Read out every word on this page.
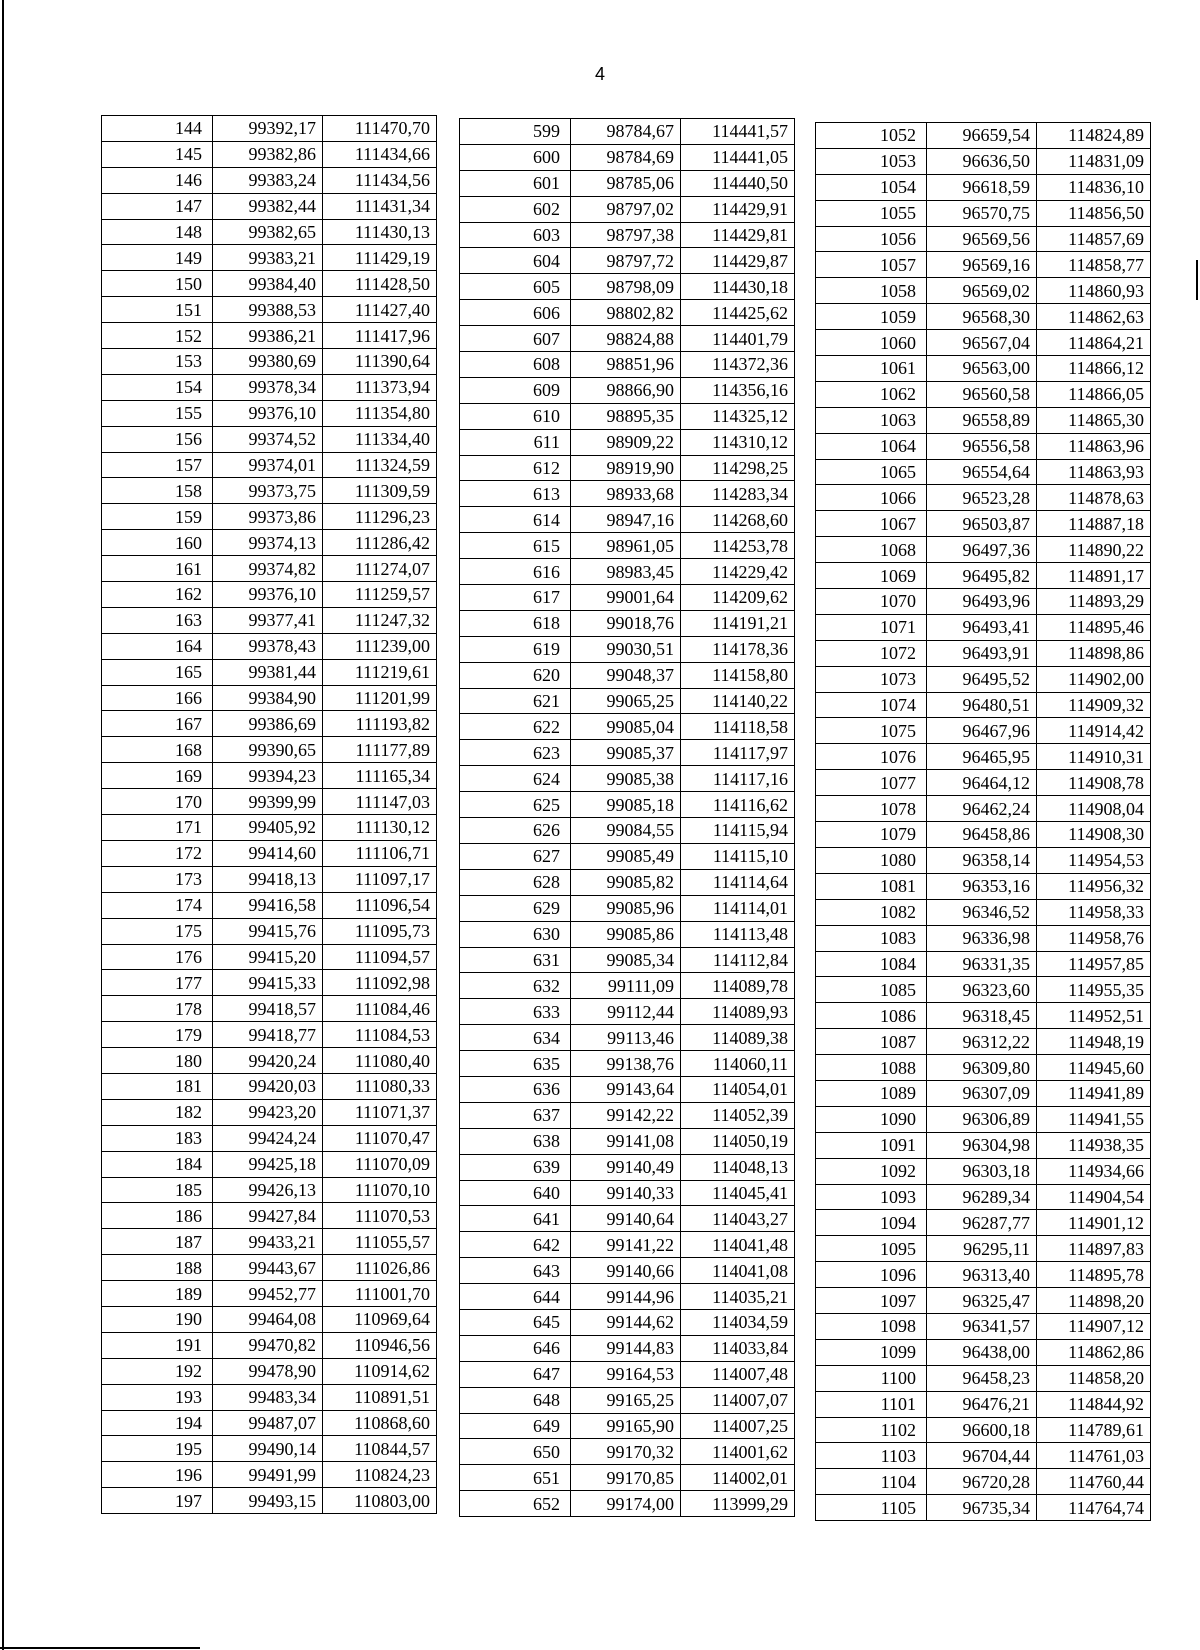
4
144	99392,17	111470,70
145	99382,86	111434,66
146	99383,24	111434,56
147	99382,44	111431,34
148	99382,65	111430,13
149	99383,21	111429,19
150	99384,40	111428,50
151	99388,53	111427,40
152	99386,21	111417,96
153	99380,69	111390,64
154	99378,34	111373,94
155	99376,10	111354,80
156	99374,52	111334,40
157	99374,01	111324,59
158	99373,75	111309,59
159	99373,86	111296,23
160	99374,13	111286,42
161	99374,82	111274,07
162	99376,10	111259,57
163	99377,41	111247,32
164	99378,43	111239,00
165	99381,44	111219,61
166	99384,90	111201,99
167	99386,69	111193,82
168	99390,65	111177,89
169	99394,23	111165,34
170	99399,99	111147,03
171	99405,92	111130,12
172	99414,60	111106,71
173	99418,13	111097,17
174	99416,58	111096,54
175	99415,76	111095,73
176	99415,20	111094,57
177	99415,33	111092,98
178	99418,57	111084,46
179	99418,77	111084,53
180	99420,24	111080,40
181	99420,03	111080,33
182	99423,20	111071,37
183	99424,24	111070,47
184	99425,18	111070,09
185	99426,13	111070,10
186	99427,84	111070,53
187	99433,21	111055,57
188	99443,67	111026,86
189	99452,77	111001,70
190	99464,08	110969,64
191	99470,82	110946,56
192	99478,90	110914,62
193	99483,34	110891,51
194	99487,07	110868,60
195	99490,14	110844,57
196	99491,99	110824,23
197	99493,15	110803,00
599	98784,67	114441,57
600	98784,69	114441,05
601	98785,06	114440,50
602	98797,02	114429,91
603	98797,38	114429,81
604	98797,72	114429,87
605	98798,09	114430,18
606	98802,82	114425,62
607	98824,88	114401,79
608	98851,96	114372,36
609	98866,90	114356,16
610	98895,35	114325,12
611	98909,22	114310,12
612	98919,90	114298,25
613	98933,68	114283,34
614	98947,16	114268,60
615	98961,05	114253,78
616	98983,45	114229,42
617	99001,64	114209,62
618	99018,76	114191,21
619	99030,51	114178,36
620	99048,37	114158,80
621	99065,25	114140,22
622	99085,04	114118,58
623	99085,37	114117,97
624	99085,38	114117,16
625	99085,18	114116,62
626	99084,55	114115,94
627	99085,49	114115,10
628	99085,82	114114,64
629	99085,96	114114,01
630	99085,86	114113,48
631	99085,34	114112,84
632	99111,09	114089,78
633	99112,44	114089,93
634	99113,46	114089,38
635	99138,76	114060,11
636	99143,64	114054,01
637	99142,22	114052,39
638	99141,08	114050,19
639	99140,49	114048,13
640	99140,33	114045,41
641	99140,64	114043,27
642	99141,22	114041,48
643	99140,66	114041,08
644	99144,96	114035,21
645	99144,62	114034,59
646	99144,83	114033,84
647	99164,53	114007,48
648	99165,25	114007,07
649	99165,90	114007,25
650	99170,32	114001,62
651	99170,85	114002,01
652	99174,00	113999,29
1052	96659,54	114824,89
1053	96636,50	114831,09
1054	96618,59	114836,10
1055	96570,75	114856,50
1056	96569,56	114857,69
1057	96569,16	114858,77
1058	96569,02	114860,93
1059	96568,30	114862,63
1060	96567,04	114864,21
1061	96563,00	114866,12
1062	96560,58	114866,05
1063	96558,89	114865,30
1064	96556,58	114863,96
1065	96554,64	114863,93
1066	96523,28	114878,63
1067	96503,87	114887,18
1068	96497,36	114890,22
1069	96495,82	114891,17
1070	96493,96	114893,29
1071	96493,41	114895,46
1072	96493,91	114898,86
1073	96495,52	114902,00
1074	96480,51	114909,32
1075	96467,96	114914,42
1076	96465,95	114910,31
1077	96464,12	114908,78
1078	96462,24	114908,04
1079	96458,86	114908,30
1080	96358,14	114954,53
1081	96353,16	114956,32
1082	96346,52	114958,33
1083	96336,98	114958,76
1084	96331,35	114957,85
1085	96323,60	114955,35
1086	96318,45	114952,51
1087	96312,22	114948,19
1088	96309,80	114945,60
1089	96307,09	114941,89
1090	96306,89	114941,55
1091	96304,98	114938,35
1092	96303,18	114934,66
1093	96289,34	114904,54
1094	96287,77	114901,12
1095	96295,11	114897,83
1096	96313,40	114895,78
1097	96325,47	114898,20
1098	96341,57	114907,12
1099	96438,00	114862,86
1100	96458,23	114858,20
1101	96476,21	114844,92
1102	96600,18	114789,61
1103	96704,44	114761,03
1104	96720,28	114760,44
1105	96735,34	114764,74
